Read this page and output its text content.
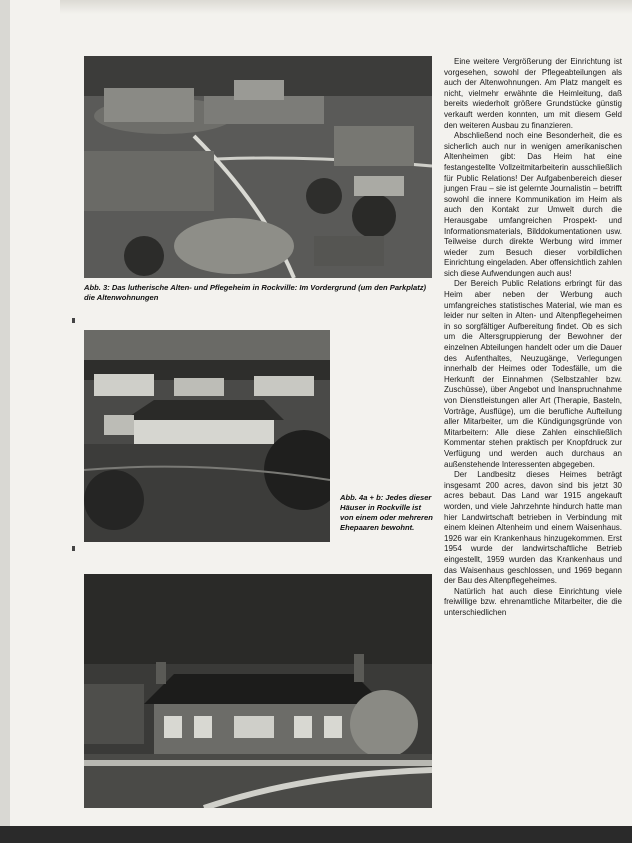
Abb. 3: Das lutherische Alten- und Pflegeheim in Rockville: Im Vordergrund (um den Parkplatz) die Altenwohnungen
Abb. 4a + b: Jedes dieser Häuser in Rockville ist von einem oder mehreren Ehepaaren bewohnt.

Eine weitere Vergrößerung der Einrichtung ist vorgesehen, sowohl der Pflegeabteilungen als auch der Altenwohnungen. Am Platz mangelt es nicht, vielmehr erwähnte die Heimleitung, daß bereits wiederholt größere Grundstücke günstig verkauft werden konnten, um mit diesem Geld den weiteren Ausbau zu finanzieren.

Abschließend noch eine Besonderheit, die es sicherlich auch nur in wenigen amerikanischen Altenheimen gibt: Das Heim hat eine festangestellte Vollzeitmitarbeiterin ausschließlich für Public Relations! Der Aufgabenbereich dieser jungen Frau – sie ist gelernte Journalistin – betrifft sowohl die innere Kommunikation im Heim als auch den Kontakt zur Umwelt durch die Herausgabe umfangreichen Prospekt- und Informationsmaterials, Bilddokumentationen usw. Teilweise durch direkte Werbung wird immer wieder zum Besuch dieser vorbildlichen Einrichtung eingeladen. Aber offensichtlich zahlen sich diese Aufwendungen auch aus!

Der Bereich Public Relations erbringt für das Heim aber neben der Werbung auch umfangreiches statistisches Material, wie man es leider nur selten in Alten- und Altenpflegeheimen in so sorgfältiger Aufbereitung findet. Ob es sich um die Altersgruppierung der Bewohner der einzelnen Abteilungen handelt oder um die Dauer des Aufenthaltes, Neuzugänge, Verlegungen innerhalb der Heimes oder Todesfälle, um die Herkunft der Einnahmen (Selbstzahler bzw. Zuschüsse), über Angebot und Inanspruchnahme von Dienstleistungen aller Art (Therapie, Basteln, Vorträge, Ausflüge), um die berufliche Aufteilung aller Mitarbeiter, um die Kündigungsgründe von Mitarbeitern: Alle diese Zahlen einschließlich Kommentar stehen praktisch per Knopfdruck zur Verfügung und werden auch durchaus an außenstehende Interessenten abgegeben.

Der Landbesitz dieses Heimes beträgt insgesamt 200 acres, davon sind bis jetzt 30 acres bebaut. Das Land war 1915 angekauft worden, und viele Jahrzehnte hindurch hatte man hier Landwirtschaft betrieben in Verbindung mit einem kleinen Altenheim und einem Waisenhaus. 1926 war ein Krankenhaus hinzugekommen. Erst 1954 wurde der landwirtschaftliche Betrieb eingestellt, 1959 wurden das Krankenhaus und das Waisenhaus geschlossen, und 1969 begann der Bau des Altenpflegeheimes.

Natürlich hat auch diese Einrichtung viele freiwillige bzw. ehrenamtliche Mitarbeiter, die die unterschiedlichen
